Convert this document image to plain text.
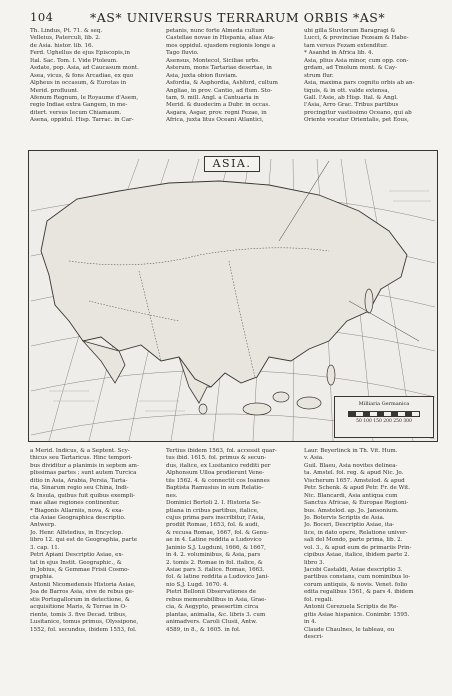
104	*AS* UNIVERSUS TERRARUM ORBIS *AS*
Th. Lindus, Pt. 71. & seq.
Velleius, Paterculi, lib. 2.
de Asia. histor. lib. 16.
Ferd. Ughellus de ejus Episcopis,in
Ital. Sac. Tom. I. Vide Ptoleum.
Asdate, pop. Asia, ad Caucasum mont.
Asea, vicus, & fons Arcadiae, ex quo
Alpheus in occasum, & Eurotas in
Merid. profluunt.
Afenum Regnum, le Royaume d'Asem,
regio Indiae extra Gangem, in me-
ditert. versus Iecum Chiamaum.
Asena, oppidul. Hisp. Tarrac. in Car-
petanis, nunc forte Almeda cultum
Castellae novae in Hispania, alias Ata-
mos oppidul. ejusdem regionis longe a
Tago fluvio.
Asensus, Montecol, Siciliae urbs.
Asterum, mons Tartariae desertae, in
Asia, juxta obion fluviam.
Asfordia, & Asphordia, Ashford, cultum
Angliae, in prov. Cantio, ad flum. Sto-
tam, 9. mill. Angl. a Cantuaria in
Merid. & duodecim a Dubr. in occas.
Asgara, Asgar, prov. regni Fezae, in
Africa, juxta litus Oceani Atlantici,
ubi gilla Stuvlorum Baragragi &
Lucci, & provinciae Fezeam & Habe-
tam versus Fezam extenditur.
* Asanhd in Africa lib. 4.
Asia, plius Asia minor, cum opp. con-
grdam, ad Tmolum mont. & Cay-
strum flur.
Asia, maxima pars cognitu orbis ab an-
tiquis, & in ott. valde extensa,
Gall. l'Asie, ab Hisp. Ital. & Angl.
l'Asia, Arro Grac. Tribus partibus
precingitur vastissimo Oceano, qui ab
Oriente vocatur Orientalis, pet Eous,
ASIA.
Milliaria Germanica
50 100 150 200 250 300
a Merid. Indicus, & a Septent. Scy-
thicus seu Tartaricus. Hinc tempori-
bus dividitur a planimis in septem am-
plissimas partes ; sunt autem Turcica
ditio in Asia, Arabia, Persia, Tarta-
ria, Sinarum regio seu China, Indi-
& Insula, quibus fuit quibus exempli-
mae aliae regiones continentur.
* Biagonis Allarniis, nova, & exa-
cta Asiae Geographica descriptio.
Antwerp.
Jo. Henr. Alfstedius, in Encyclop.
libro 12. qui est de Geographia, parte
3. cap. 11.
Petri Apiani Descriptio Asiae, ex-
tat in ejus Instit. Geographic., &
in Jobius, & Gemmae Frisii Cosmo-
graphia.
Antonii Nicomedensis Historia Asiae,
Joa de Barros Asia, sive de rebus ge-
stis Portugallorum in detectione, &
acquisitione Maris, & Terrae in O-
riente, tomis 3. five Decad. tribus,
Lusitanice, tomus primus, Olyssipone,
1552, fol. secundus, ibidem 1553, fol.
Tertius ibidem 1563, fol. accessit quar-
tus ibid. 1615. fol. primus & secun-
dus, italice, ex Lusitanico redditi per
Alphonsum Ulloa prodierunt Vene-
tiis 1562. 4. & connectit cos Ioannes
Baptista Ramusius in sum Relatio-
nes.
Dominici Bertoli 2. I. Historia Se-
ptiana in cribus partibus, italice,
cujus prima pars inscribitur, l'Asia,
prodiit Romae, 1653, fol. & audi,
& recusa Romae, 1667, fol. & Genu-
ae in 4. Latine reddita a Ludovico
Janinio S.J. Lugduni, 1666, & 1667,
in 4. 2. voluminibus, & Asia, pars
2. tomis 2. Romae in fol. italice, &
Asiae pars 3. italice. Romae, 1663.
fol. & latine reddita a Ludovico Jani-
nio S.J. Lugd. 1670. 4.
Pietri Bellonii Observationes de
rebus memorabilibus in Asia, Grae-
cia, & Aegypto, praesertim circa
plantas, animalia, &c. libris 3. cum
animadvers. Caroli Clusii, Antw.
4589, in 8., & 1605. in fol.
Laur. Beyerlinck in Th. Vit. Hum.
v. Asia.
Guil. Blaeu, Asia novites delinea-
ta. Amstel. fol. reg. & apud Nic. Jo.
Vischerum 1657. Amstelod. & apud
Petr. Schenk. & apud Petr. Fr. de Wit.
Nic. Blancardi, Asia antiqua cum
Sanctus Africae, & Europae Regioni-
bus. Amstelod. ap. Jo. Jansonium.
Jo. Botervis Scriptis de Asia.
Jo. Boceri, Descriptio Asiae, ita-
lice, in dato opere, Relatione univer-
sali del Mondo, parte prima, lib. 2.
vol. 3., & apud eum de primariis Prin-
cipibus Asiae, italice, ibidem parte 2.
libro 3.
Jacobi Castaldi, Asiae descriptio 3.
partibus constans, cum nominibus lo-
corum antiquis, & novis. Venet. folio
edita regalibus 1561, & pars 4. ibidem
fol. regali.
Antonii Cerezuela Scriptis de Re-
gitis Asiae hispanice. Conimbr. 1595.
in 4.
Claude Chaulnes, le tableau, ou
descri-
